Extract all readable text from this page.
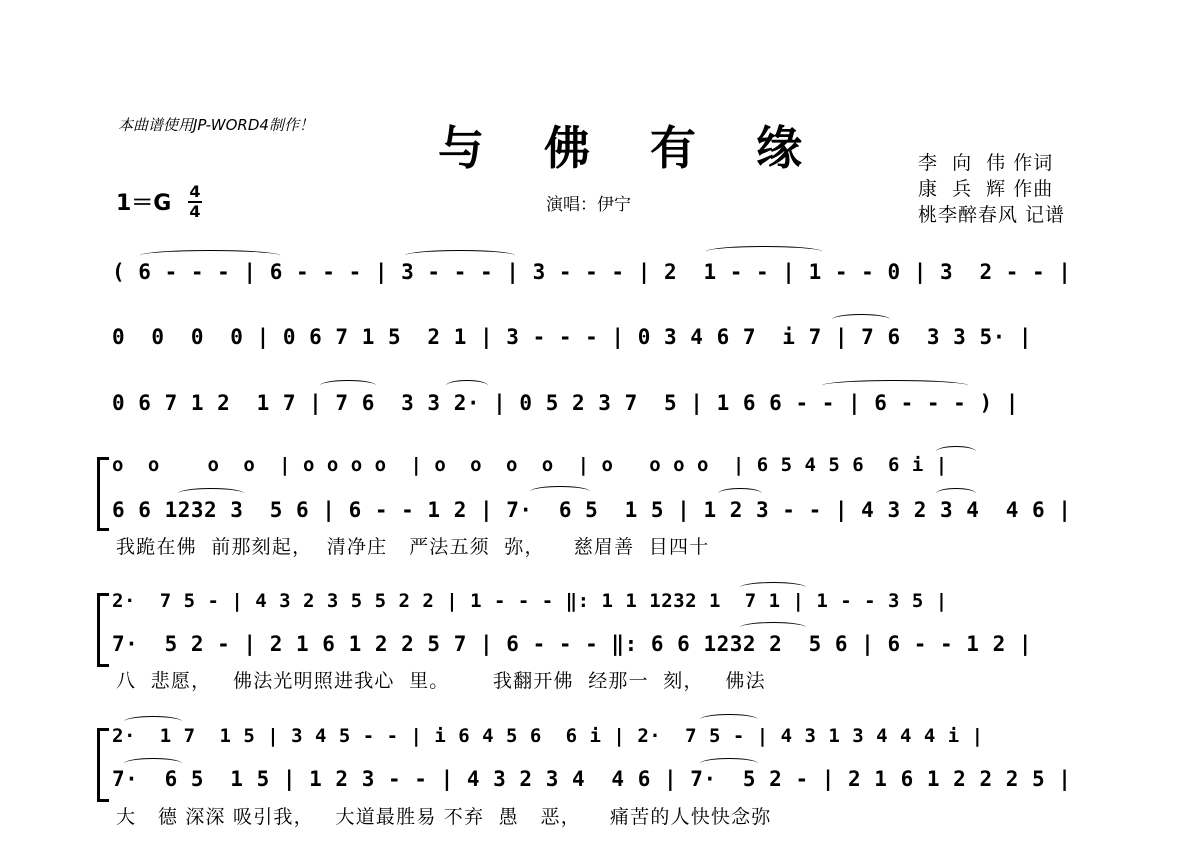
本曲谱使用JP-WORD4制作！	与 佛 有 缘	李  向  伟 作词
康  兵  辉 作曲
桃李醉春风 记谱
1＝G 4
4	演唱：伊宁
( 6 - - - | 6 - - - | 3 - - - | 3 - - - | 2  1 - - | 1 - - 0 | 3  2 - - |
0  0  0  0 | 0 6 7 1 5  2 1 | 3 - - - | 0 3 4 6 7  i 7 | 7 6  3 3 5· |
0 6 7 1 2  1 7 | 7 6  3 3 2· | 0 5 2 3 7  5 | 1 6 6 - - | 6 - - - ) |
o  o    o  o  | o o o o  | o  o  o  o  | o   o o o  | 6 5 4 5 6  6 i |
6 6 1232 3  5 6 | 6 - - 1 2 | 7·  6 5  1 5 | 1 2 3 - - | 4 3 2 3 4  4 6 |
我跪在佛  前那刻起，  清净庄   严法五须  弥，    慈眉善  目四十
2·  7 5 - | 4 3 2 3 5 5 2 2 | 1 - - - ‖: 1 1 1232 1  7 1 | 1 - - 3 5 |
7·  5 2 - | 2 1 6 1 2 2 5 7 | 6 - - - ‖: 6 6 1232 2  5 6 | 6 - - 1 2 |
八  悲愿，   佛法光明照进我心  里。      我翻开佛  经那一  刻，   佛法
2·  1 7  1 5 | 3 4 5 - - | i 6 4 5 6  6 i | 2·  7 5 - | 4 3 1 3 4 4 4 i |
7·  6 5  1 5 | 1 2 3 - - | 4 3 2 3 4  4 6 | 7·  5 2 - | 2 1 6 1 2 2 2 5 |
大   德 深深 吸引我，   大道最胜易 不弃  愚   恶，    痛苦的人快快念弥
